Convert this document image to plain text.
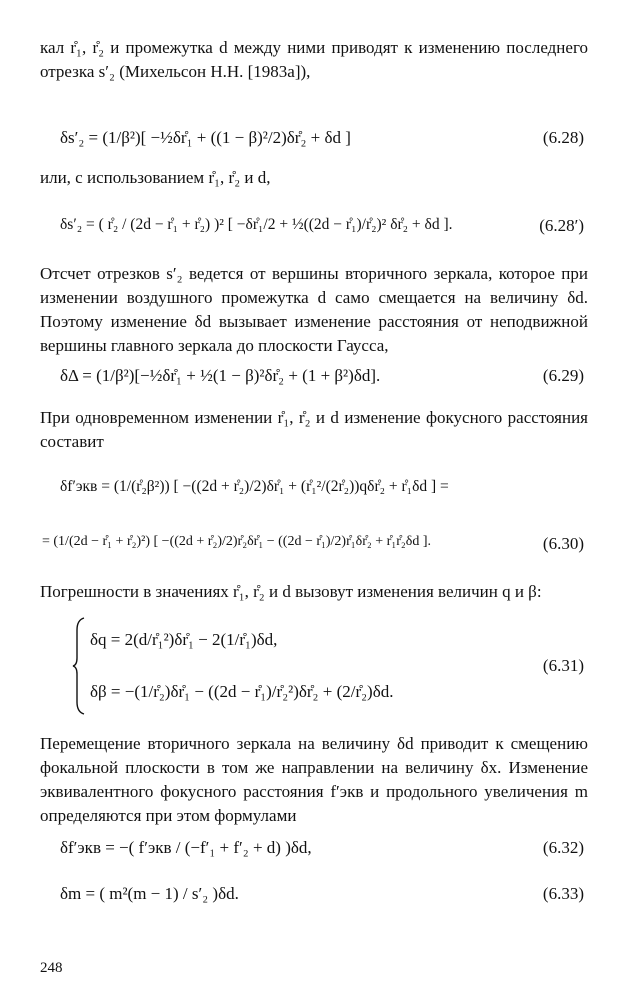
кал r̊₁, r̊₂ и промежутка d между ними приводят к изменению последнего отрезка s′₂ (Михельсон Н.Н. [1983а]),

δs′₂ = (1/β²)[ −½δr̊₁ + ((1 − β)²/2)δr̊₂ + δd ]	(6.28)

или, с использованием r̊₁, r̊₂ и d,

δs′₂ = ( r̊₂ / (2d − r̊₁ + r̊₂) )² [ −δr̊₁/2 + ½((2d − r̊₁)/r̊₂)² δr̊₂ + δd ].	(6.28′)

Отсчет отрезков s′₂ ведется от вершины вторичного зеркала, которое при изменении воздушного промежутка d само смещается на величину δd. Поэтому изменение δd вызывает изменение расстояния от неподвижной вершины главного зеркала до плоскости Гаусса,

δΔ = (1/β²)[−½δr̊₁ + ½(1 − β)²δr̊₂ + (1 + β²)δd].	(6.29)

При одновременном изменении r̊₁, r̊₂ и d изменение фокусного расстояния составит

δf′экв = (1/(r̊₂β²)) [ −((2d + r̊₂)/2)δr̊₁ + (r̊₁²/(2r̊₂))qδr̊₂ + r̊₁δd ] =
= (1/(2d − r̊₁ + r̊₂)²) [ −((2d + r̊₂)/2)r̊₂δr̊₁ − ((2d − r̊₁)/2)r̊₁δr̊₂ + r̊₁r̊₂δd ].	(6.30)

Погрешности в значениях r̊₁, r̊₂ и d вызовут изменения величин q и β:

δq = 2(d/r̊₁²)δr̊₁ − 2(1/r̊₁)δd,
δβ = −(1/r̊₂)δr̊₁ − ((2d − r̊₁)/r̊₂²)δr̊₂ + (2/r̊₂)δd.
(6.31)

Перемещение вторичного зеркала на величину δd приводит к смещению фокальной плоскости в том же направлении на величину δx. Изменение эквивалентного фокусного расстояния f′экв и продольного увеличения m определяются при этом формулами

δf′экв = −( f′экв / (−f′₁ + f′₂ + d) )δd,	(6.32)
δm = ( m²(m − 1) / s′₂ )δd.	(6.33)
248
